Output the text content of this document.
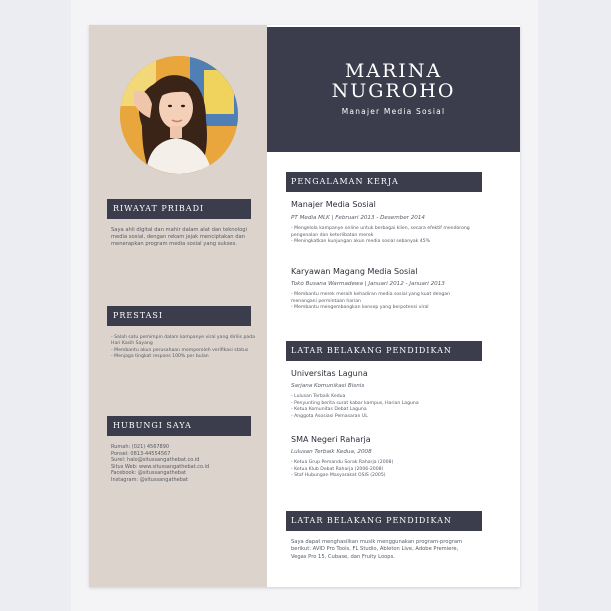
MARINA
NUGROHO
Manajer Media Sosial
RIWAYAT PRIBADI
Saya ahli digital dan mahir dalam alat dan teknologi
media sosial, dengan rekam jejak menciptakan dan
menerapkan program media sosial yang sukses.
PRESTASI
- Salah satu pemimpin dalam kampanye viral yang dirilis pada
Hari Kasih Sayang
- Membantu akun perusahaan memperoleh verifikasi status
- Menjaga tingkat respons 100% per bulan
HUBUNGI SAYA
Rumah: (021) 4567890
Ponsel: 0813-44554567
Surel: halo@situssangathebat.co.id
Situs Web: www.situssangathebat.co.id
Facebook: @situssangathebat
Instagram: @situssangathebat
PENGALAMAN KERJA
Manajer Media Sosial
PT Media MLK | Februari 2013 - Desember 2014
- Mengelola kampanye online untuk berbagai klien, secara efektif mendorong
pengenalan dan keterlibatan merek
- Meningkatkan kunjungan akun media sosial sebanyak 45%
Karyawan Magang Media Sosial
Toko Busana Warmadewa | Januari 2012 - Januari 2013
- Membantu merek meraih kehadiran media sosial yang kuat dengan
menangani permintaan harian
- Membantu mengembangkan konsep yang berpotensi viral
LATAR BELAKANG PENDIDIKAN
Universitas Laguna
Sarjana Komunikasi Bisnis
- Lulusan Terbaik Kedua
- Penyunting berita surat kabar kampus, Harian Laguna
- Ketua Komunitas Debat Laguna
- Anggota Asosiasi Pemasaran UL
SMA Negeri Raharja
Lulusan Terbaik Kedua, 2008
- Ketua Grup Pemandu Sorak Raharja (2008)
- Ketua Klub Debat Raharja (2006-2008)
- Staf Hubungan Masyarakat OSIS (2005)
LATAR BELAKANG PENDIDIKAN
Saya dapat menghasilkan musik menggunakan program-program
berikut: AVID Pro Tools, FL Studio, Ableton Live, Adobe Premiere,
Vegas Pro 15, Cubase, dan Fruity Loops.
